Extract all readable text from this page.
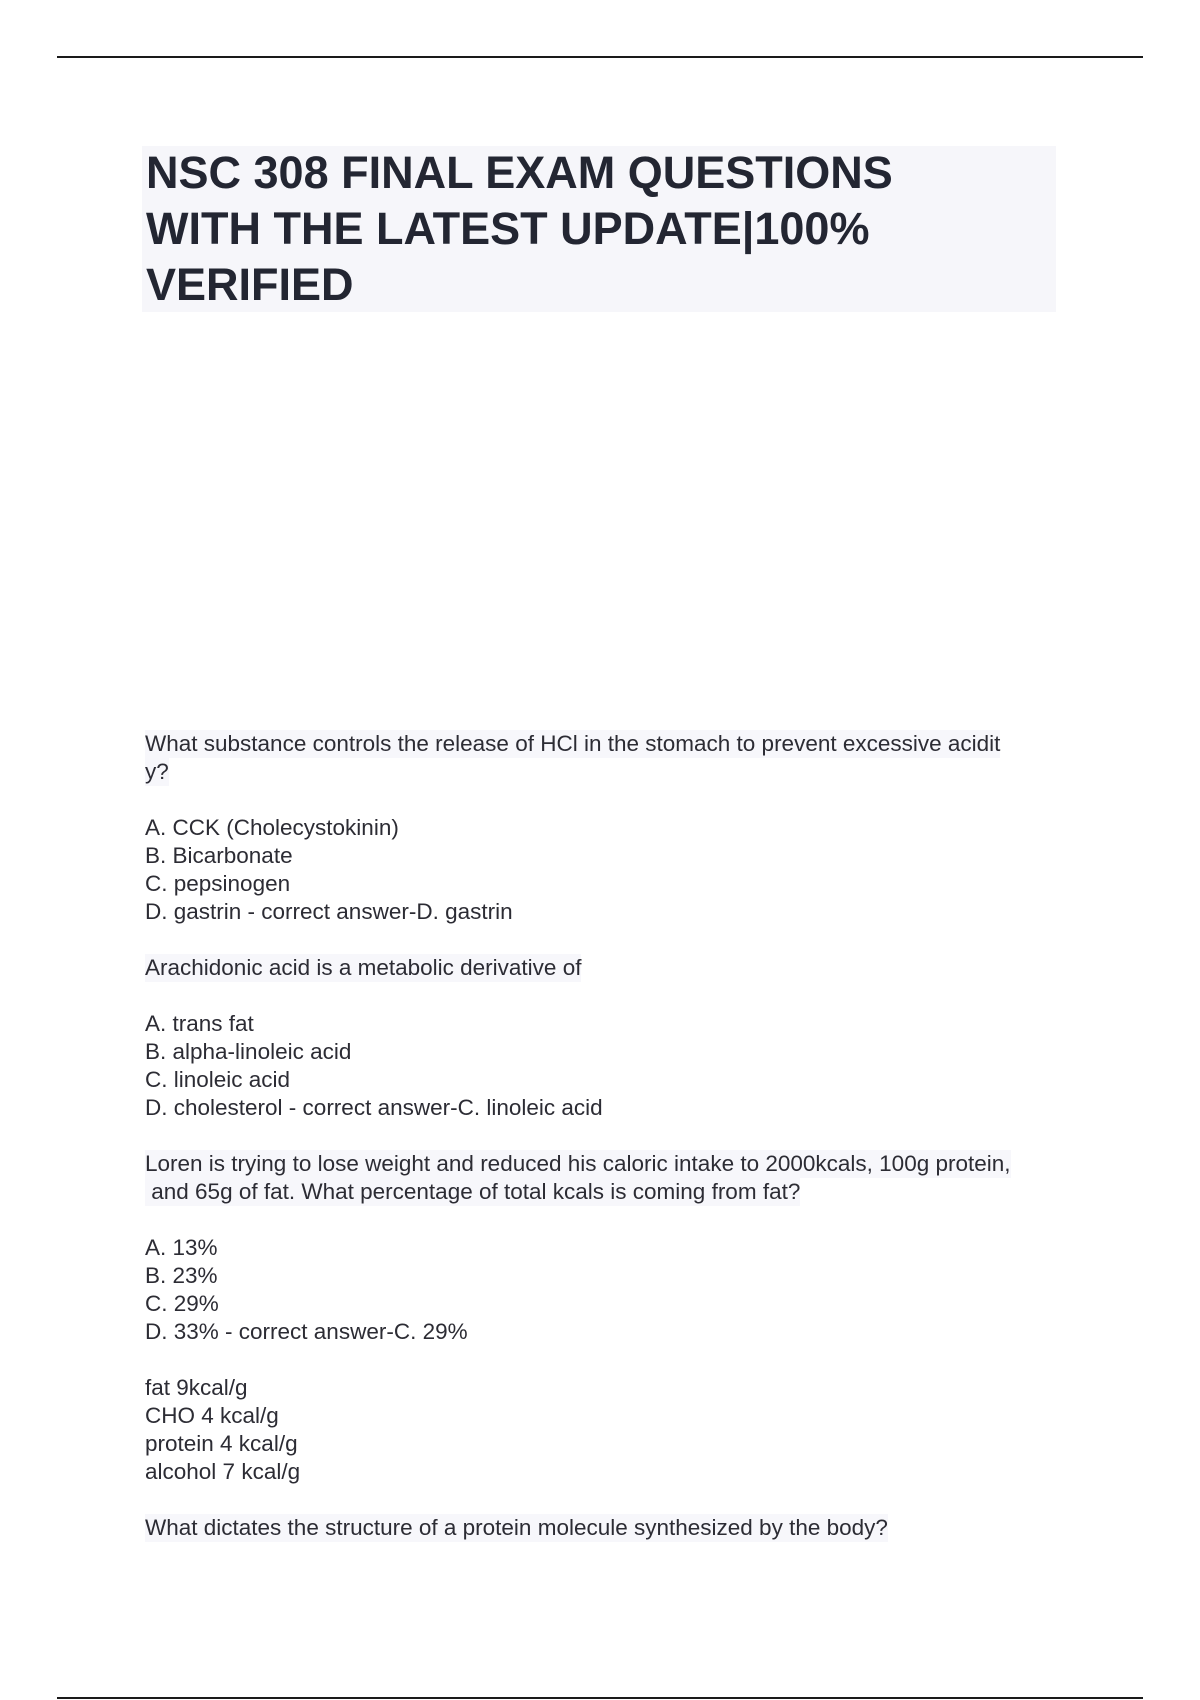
NSC 308 FINAL EXAM QUESTIONS
WITH THE LATEST UPDATE|100%
VERIFIED
What substance controls the release of HCl in the stomach to prevent excessive acidit
y?
A. CCK (Cholecystokinin)
B. Bicarbonate
C. pepsinogen
D. gastrin - correct answer-D. gastrin
Arachidonic acid is a metabolic derivative of
A. trans fat
B. alpha-linoleic acid
C. linoleic acid
D. cholesterol - correct answer-C. linoleic acid
Loren is trying to lose weight and reduced his caloric intake to 2000kcals, 100g protein,
and 65g of fat. What percentage of total kcals is coming from fat?
A. 13%
B. 23%
C. 29%
D. 33% - correct answer-C. 29%
fat 9kcal/g
CHO 4 kcal/g
protein 4 kcal/g
alcohol 7 kcal/g
What dictates the structure of a protein molecule synthesized by the body?
